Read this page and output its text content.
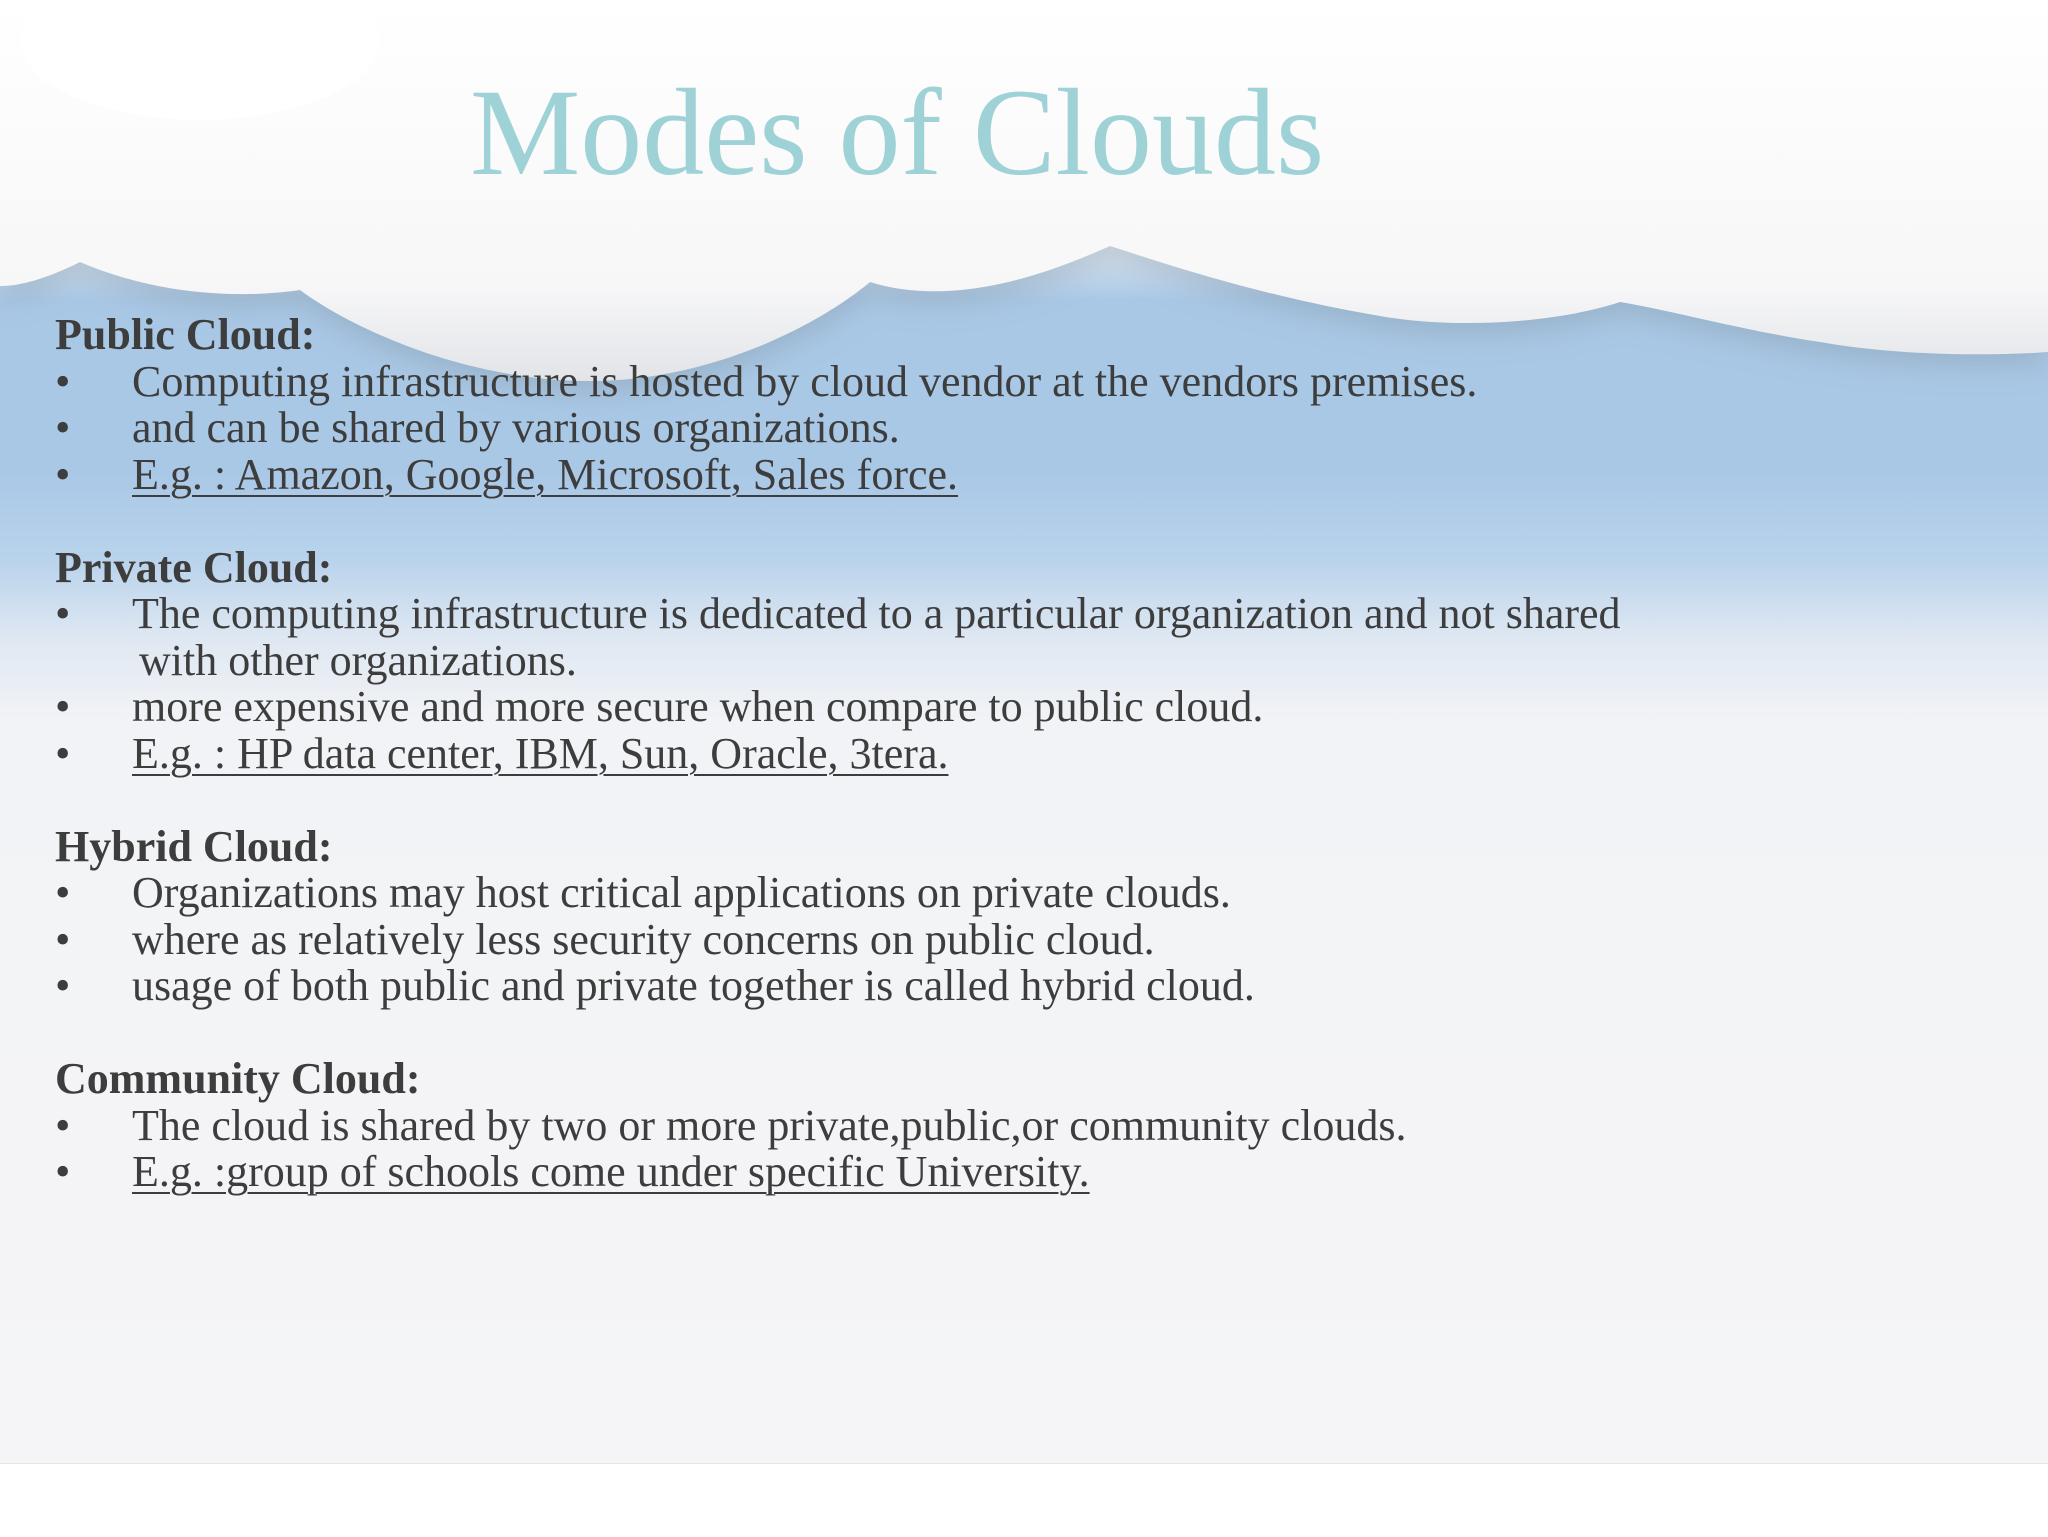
Modes of Clouds
Public Cloud:
•	Computing infrastructure is hosted by cloud vendor at the vendors premises.
•	and can be shared by various organizations.
•	E.g. : Amazon, Google, Microsoft, Sales force.
Private Cloud:
•	The computing infrastructure is dedicated to a particular organization and not shared
with other organizations.
•	more expensive and more secure when compare to public cloud.
•	E.g. : HP data center, IBM, Sun, Oracle, 3tera.
Hybrid Cloud:
•	Organizations may host critical applications on private clouds.
•	where as relatively less security concerns on public cloud.
•	usage of both public and private together is called hybrid cloud.
Community Cloud:
•	The cloud is shared by two or more private,public,or community clouds.
•	E.g. :group of schools come under specific University.
